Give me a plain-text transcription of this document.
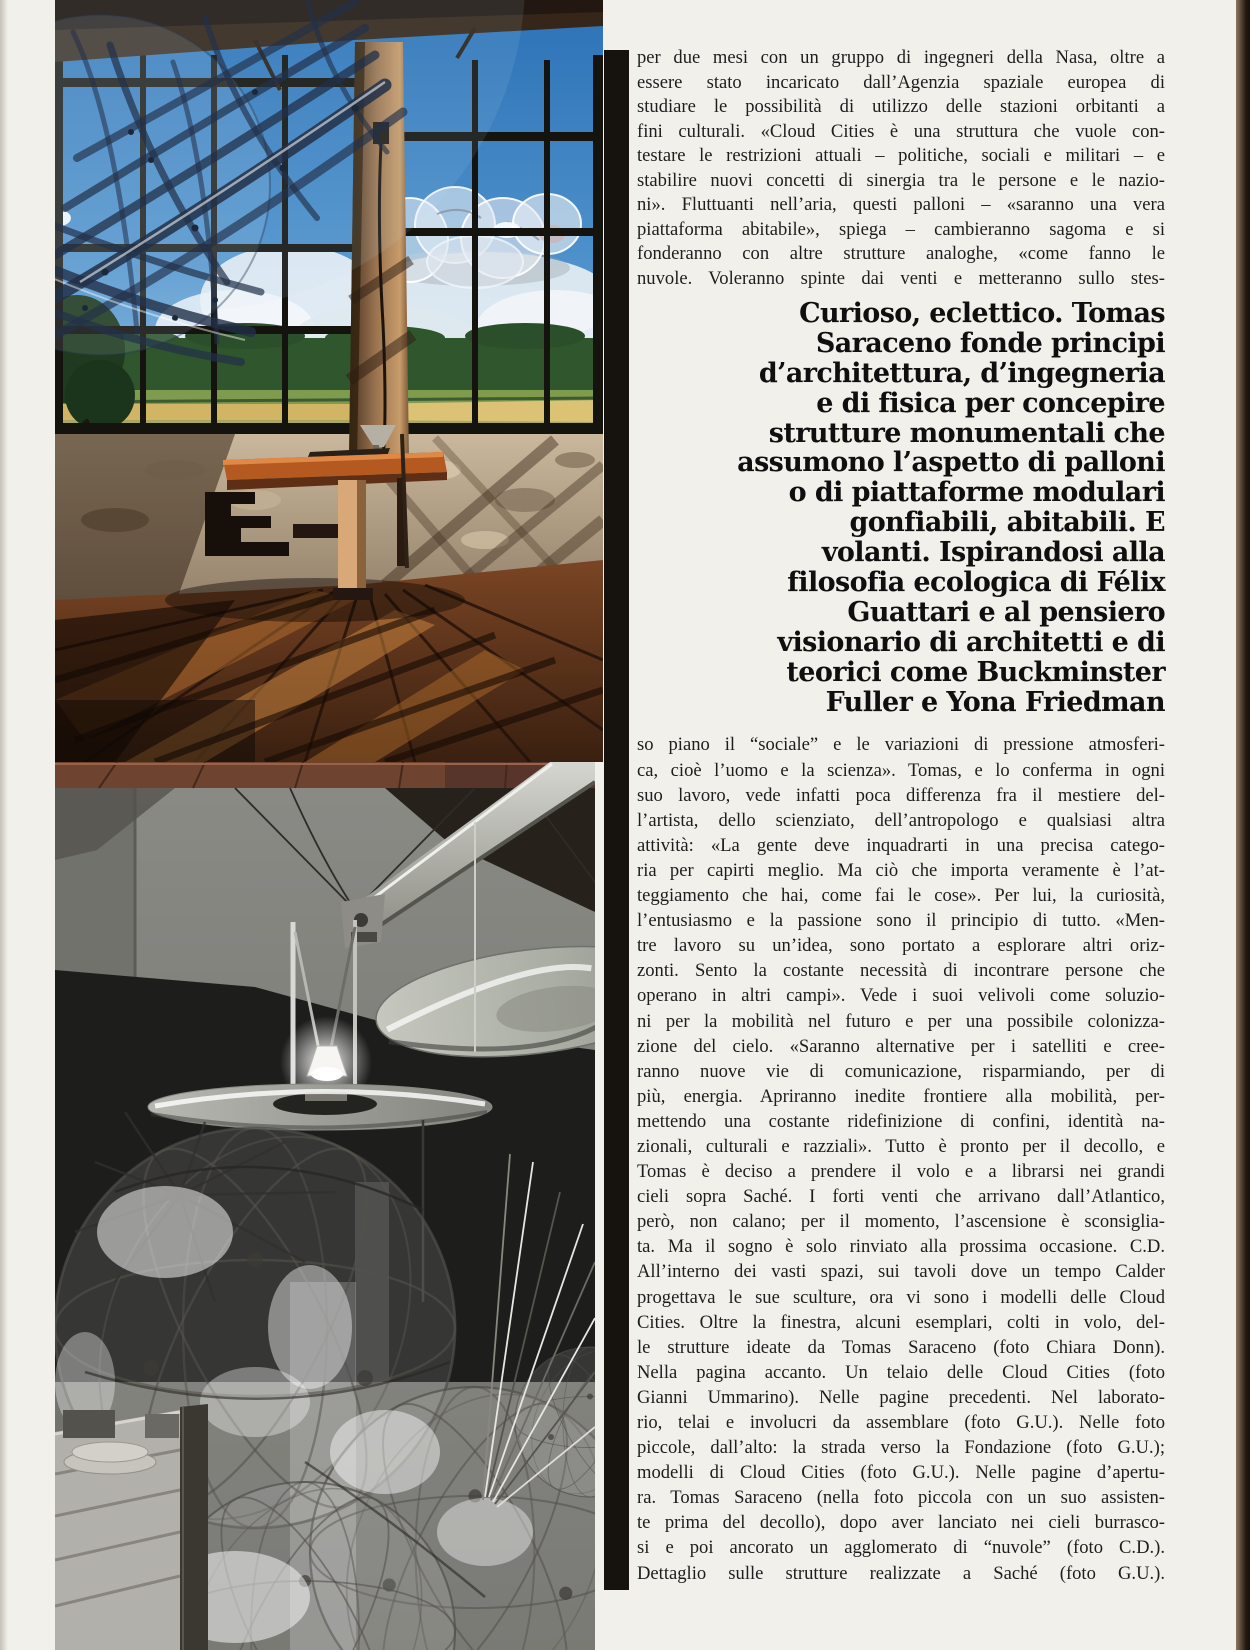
per due mesi con un gruppo di ingegneri della Nasa, oltre a
essere stato incaricato dall’Agenzia spaziale europea di
studiare le possibilità di utilizzo delle stazioni orbitanti a
fini culturali. «Cloud Cities è una struttura che vuole con-
testare le restrizioni attuali – politiche, sociali e militari – e
stabilire nuovi concetti di sinergia tra le persone e le nazio-
ni». Fluttuanti nell’aria, questi palloni – «saranno una vera
piattaforma abitabile», spiega – cambieranno sagoma e si
fonderanno con altre strutture analoghe, «come fanno le
nuvole. Voleranno spinte dai venti e metteranno sullo stes-
Curioso, eclettico. Tomas
Saraceno fonde principi
d’architettura, d’ingegneria
e di fisica per concepire
strutture monumentali che
assumono l’aspetto di palloni
o di piattaforme modulari
gonfiabili, abitabili. E
volanti. Ispirandosi alla
filosofia ecologica di Félix
Guattari e al pensiero
visionario di architetti e di
teorici come Buckminster
Fuller e Yona Friedman
so piano il “sociale” e le variazioni di pressione atmosferi-
ca, cioè l’uomo e la scienza». Tomas, e lo conferma in ogni
suo lavoro, vede infatti poca differenza fra il mestiere del-
l’artista, dello scienziato, dell’antropologo e qualsiasi altra
attività: «La gente deve inquadrarti in una precisa catego-
ria per capirti meglio. Ma ciò che importa veramente è l’at-
teggiamento che hai, come fai le cose». Per lui, la curiosità,
l’entusiasmo e la passione sono il principio di tutto. «Men-
tre lavoro su un’idea, sono portato a esplorare altri oriz-
zonti. Sento la costante necessità di incontrare persone che
operano in altri campi». Vede i suoi velivoli come soluzio-
ni per la mobilità nel futuro e per una possibile colonizza-
zione del cielo. «Saranno alternative per i satelliti e cree-
ranno nuove vie di comunicazione, risparmiando, per di
più, energia. Apriranno inedite frontiere alla mobilità, per-
mettendo una costante ridefinizione di confini, identità na-
zionali, culturali e razziali». Tutto è pronto per il decollo, e
Tomas è deciso a prendere il volo e a librarsi nei grandi
cieli sopra Saché. I forti venti che arrivano dall’Atlantico,
però, non calano; per il momento, l’ascensione è sconsiglia-
ta. Ma il sogno è solo rinviato alla prossima occasione. C.D.
All’interno dei vasti spazi, sui tavoli dove un tempo Calder
progettava le sue sculture, ora vi sono i modelli delle Cloud
Cities. Oltre la finestra, alcuni esemplari, colti in volo, del-
le strutture ideate da Tomas Saraceno (foto Chiara Donn).
Nella pagina accanto. Un telaio delle Cloud Cities (foto
Gianni Ummarino). Nelle pagine precedenti. Nel laborato-
rio, telai e involucri da assemblare (foto G.U.). Nelle foto
piccole, dall’alto: la strada verso la Fondazione (foto G.U.);
modelli di Cloud Cities (foto G.U.). Nelle pagine d’apertu-
ra. Tomas Saraceno (nella foto piccola con un suo assisten-
te prima del decollo), dopo aver lanciato nei cieli burrasco-
si e poi ancorato un agglomerato di “nuvole” (foto C.D.).
Dettaglio sulle strutture realizzate a Saché (foto G.U.).
